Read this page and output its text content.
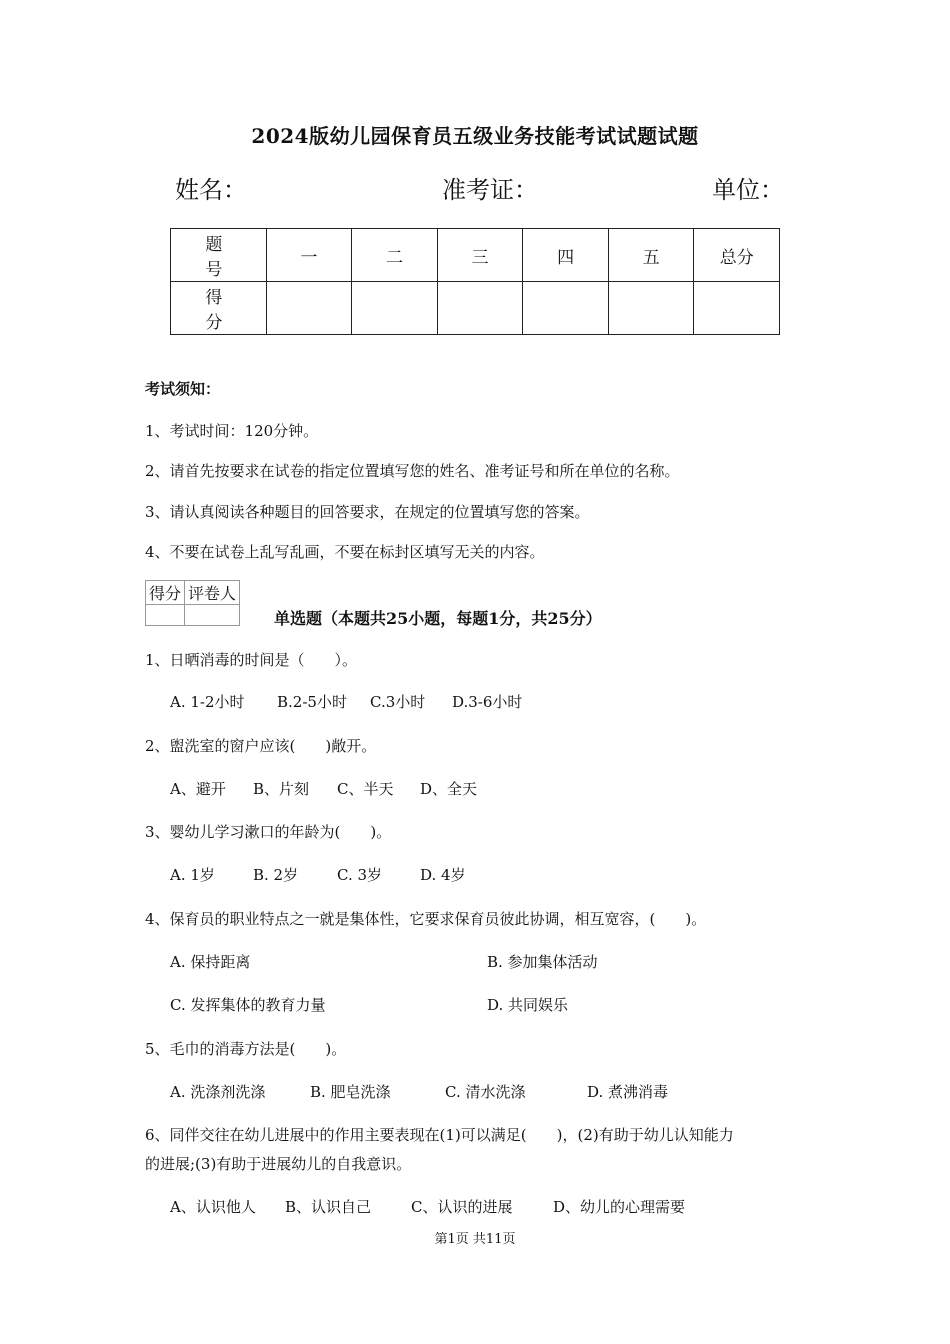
2024版幼儿园保育员五级业务技能考试试题试题
姓名：	准考证：	单位：
题 号	一	二	三	四	五	总分
得 分						
考试须知：
1、考试时间：120分钟。
2、请首先按要求在试卷的指定位置填写您的姓名、准考证号和所在单位的名称。
3、请认真阅读各种题目的回答要求，在规定的位置填写您的答案。
4、不要在试卷上乱写乱画，不要在标封区填写无关的内容。
得分	评卷人

单选题（本题共25小题，每题1分，共25分）
1、日晒消毒的时间是（　　）。
A. 1-2小时 B.2-5小时 C.3小时 D.3-6小时
2、盥洗室的窗户应该(　　)敞开。
A、避开 B、片刻 C、半天 D、全天
3、婴幼儿学习漱口的年龄为(　　)。
A. 1岁	B. 2岁	C. 3岁	D. 4岁
4、保育员的职业特点之一就是集体性，它要求保育员彼此协调，相互宽容，(　　)。
A. 保持距离	B. 参加集体活动
C. 发挥集体的教育力量	D. 共同娱乐
5、毛巾的消毒方法是(　　)。
A. 洗涤剂洗涤	B. 肥皂洗涤	C. 清水洗涤	D. 煮沸消毒
6、同伴交往在幼儿进展中的作用主要表现在(1)可以满足(　　)，(2)有助于幼儿认知能力
的进展;(3)有助于进展幼儿的自我意识。
A、认识他人 B、认识自己	C、认识的进展	D、幼儿的心理需要
第1页 共11页
